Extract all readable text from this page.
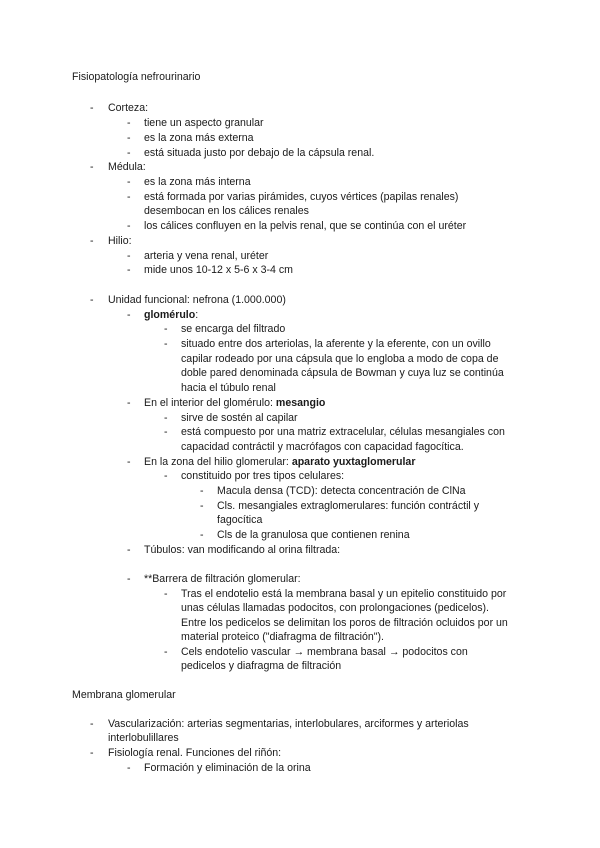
Fisiopatología nefrourinario
- Corteza:
- tiene un aspecto granular
- es la zona más externa
- está situada justo por debajo de la cápsula renal.
- Médula:
- es la zona más interna
- está formada por varias pirámides, cuyos vértices (papilas renales)
desembocan en los cálices renales
- los cálices confluyen en la pelvis renal, que se continúa con el uréter
- Hilio:
- arteria y vena renal, uréter
- mide unos 10-12 x 5-6 x 3-4 cm
- Unidad funcional: nefrona (1.000.000)
- glomérulo:
- se encarga del filtrado
- situado entre dos arteriolas, la aferente y la eferente, con un ovillo
capilar rodeado por una cápsula que lo engloba a modo de copa de
doble pared denominada cápsula de Bowman y cuya luz se continúa
hacia el túbulo renal
- En el interior del glomérulo: mesangio
- sirve de sostén al capilar
- está compuesto por una matriz extracelular, células mesangiales con
capacidad contráctil y macrófagos con capacidad fagocítica.
- En la zona del hilio glomerular: aparato yuxtaglomerular
- constituido por tres tipos celulares:
- Macula densa (TCD): detecta concentración de ClNa
- Cls. mesangiales extraglomerulares: función contráctil y
fagocítica
- Cls de la granulosa que contienen renina
- Túbulos: van modificando al orina filtrada:
- **Barrera de filtración glomerular:
- Tras el endotelio está la membrana basal y un epitelio constituido por
unas células llamadas podocitos, con prolongaciones (pedicelos).
Entre los pedicelos se delimitan los poros de filtración ocluidos por un
material proteico ("diafragma de filtración").
- Cels endotelio vascular → membrana basal → podocitos con
pedicelos y diafragma de filtración
Membrana glomerular
- Vascularización: arterias segmentarias, interlobulares, arciformes y arteriolas
interlobulillares
- Fisiología renal. Funciones del riñón:
- Formación y eliminación de la orina
